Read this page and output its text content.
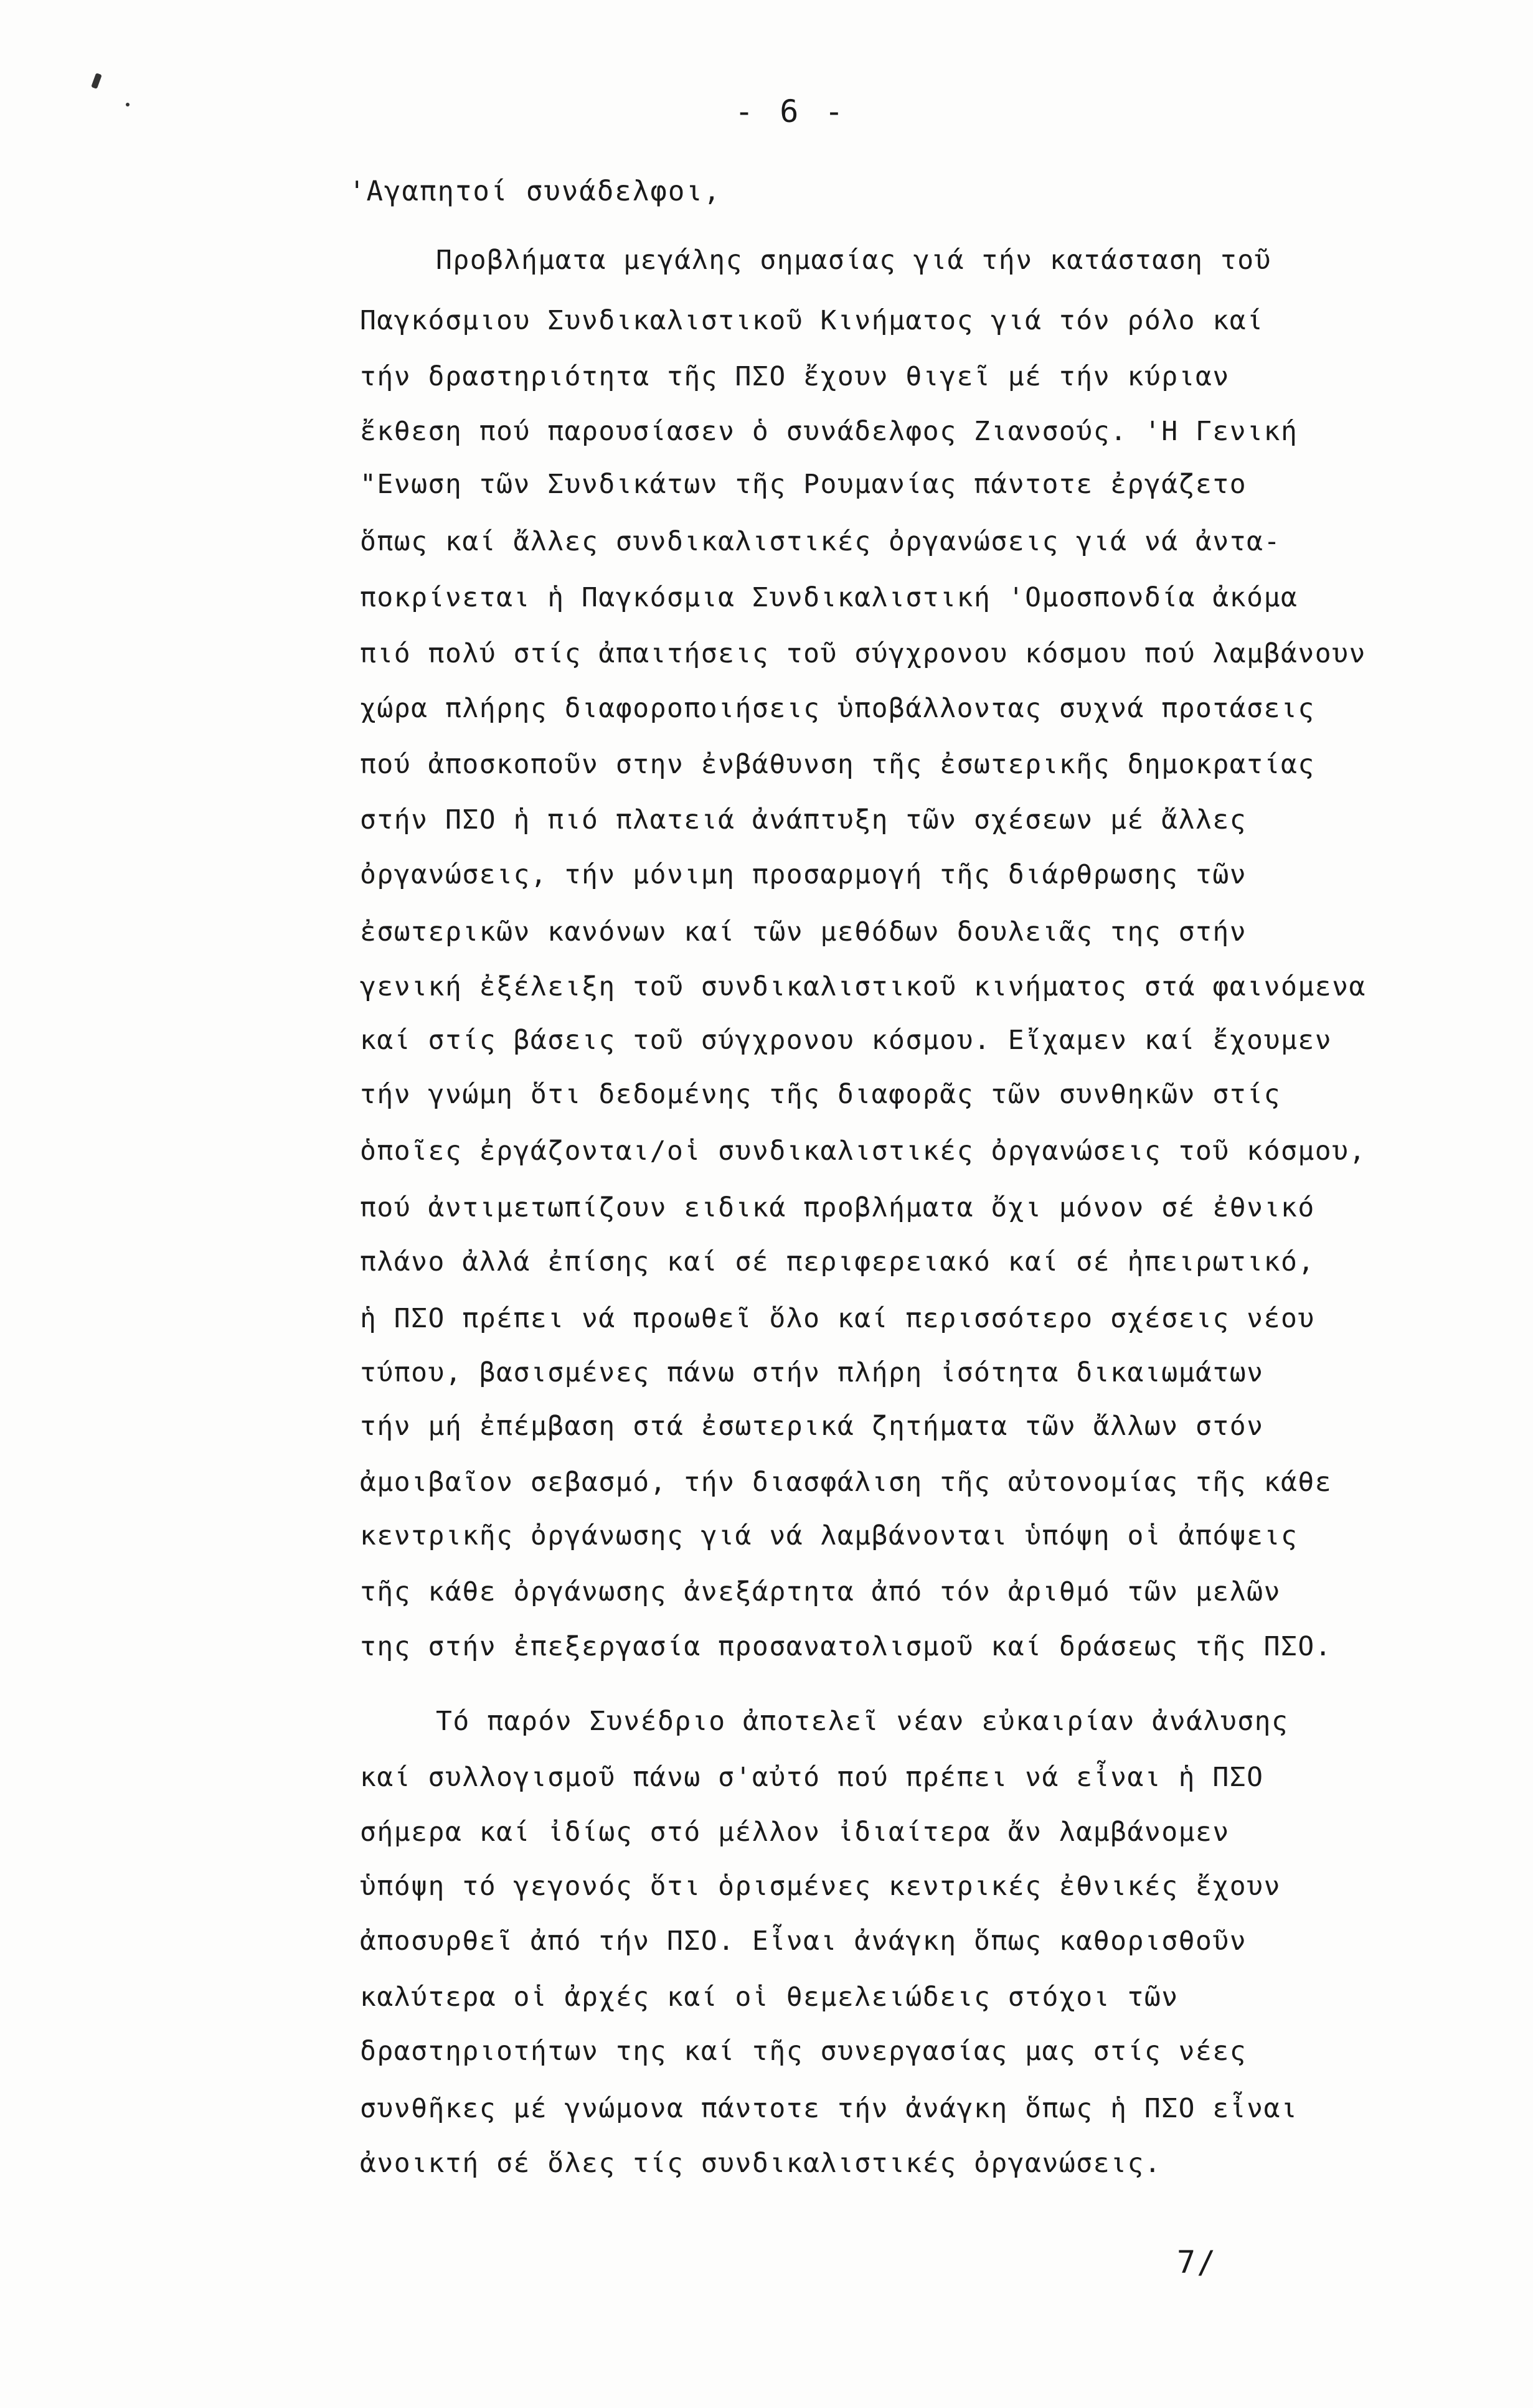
- 6 -
'Αγαπητοί συνάδελφοι,
Προβλήματα μεγάλης σημασίας γιά τήν κατάσταση τοῦ
Παγκόσμιου Συνδικαλιστικοῦ Κινήματος γιά τόν ρόλο καί
τήν δραστηριότητα τῆς ΠΣΟ ἔχουν θιγεῖ μέ τήν κύριαν
ἔκθεση πού παρουσίασεν ὁ συνάδελφος Ζιανσούς. 'Η Γενική
"Ενωση τῶν Συνδικάτων τῆς Ρουμανίας πάντοτε ἐργάζετο
ὅπως καί ἄλλες συνδικαλιστικές ὀργανώσεις γιά νά ἀντα-
ποκρίνεται ἡ Παγκόσμια Συνδικαλιστική 'Ομοσπονδία ἀκόμα
πιό πολύ στίς ἀπαιτήσεις τοῦ σύγχρονου κόσμου πού λαμβάνουν
χώρα πλήρης διαφοροποιήσεις ὑποβάλλοντας συχνά προτάσεις
πού ἀποσκοποῦν στην ἐνβάθυνση τῆς ἐσωτερικῆς δημοκρατίας
στήν ΠΣΟ ἡ πιό πλατειά ἀνάπτυξη τῶν σχέσεων μέ ἄλλες
ὀργανώσεις, τήν μόνιμη προσαρμογή τῆς διάρθρωσης τῶν
ἐσωτερικῶν κανόνων καί τῶν μεθόδων δουλειᾶς της στήν
γενική ἐξέλειξη τοῦ συνδικαλιστικοῦ κινήματος στά φαινόμενα
καί στίς βάσεις τοῦ σύγχρονου κόσμου. Εἴχαμεν καί ἔχουμεν
τήν γνώμη ὅτι δεδομένης τῆς διαφορᾶς τῶν συνθηκῶν στίς
ὁποῖες ἐργάζονται/οἱ συνδικαλιστικές ὀργανώσεις τοῦ κόσμου,
πού ἀντιμετωπίζουν ειδικά προβλήματα ὄχι μόνον σέ ἐθνικό
πλάνο ἀλλά ἐπίσης καί σέ περιφερειακό καί σέ ἠπειρωτικό,
ἡ ΠΣΟ πρέπει νά προωθεῖ ὅλο καί περισσότερο σχέσεις νέου
τύπου, βασισμένες πάνω στήν πλήρη ἰσότητα δικαιωμάτων
τήν μή ἐπέμβαση στά ἐσωτερικά ζητήματα τῶν ἄλλων στόν
ἀμοιβαῖον σεβασμό, τήν διασφάλιση τῆς αὐτονομίας τῆς κάθε
κεντρικῆς ὀργάνωσης γιά νά λαμβάνονται ὑπόψη οἱ ἀπόψεις
τῆς κάθε ὀργάνωσης ἀνεξάρτητα ἀπό τόν ἀριθμό τῶν μελῶν
της στήν ἐπεξεργασία προσανατολισμοῦ καί δράσεως τῆς ΠΣΟ.
Τό παρόν Συνέδριο ἀποτελεῖ νέαν εὐκαιρίαν ἀνάλυσης
καί συλλογισμοῦ πάνω σ'αὐτό πού πρέπει νά εἶναι ἡ ΠΣΟ
σήμερα καί ἰδίως στό μέλλον ἰδιαίτερα ἄν λαμβάνομεν
ὑπόψη τό γεγονός ὅτι ὁρισμένες κεντρικές ἐθνικές ἔχουν
ἀποσυρθεῖ ἀπό τήν ΠΣΟ. Εἶναι ἀνάγκη ὅπως καθορισθοῦν
καλύτερα οἱ ἀρχές καί οἱ θεμελειώδεις στόχοι τῶν
δραστηριοτήτων της καί τῆς συνεργασίας μας στίς νέες
συνθῆκες μέ γνώμονα πάντοτε τήν ἀνάγκη ὅπως ἡ ΠΣΟ εἶναι
ἀνοικτή σέ ὅλες τίς συνδικαλιστικές ὀργανώσεις.
7/
